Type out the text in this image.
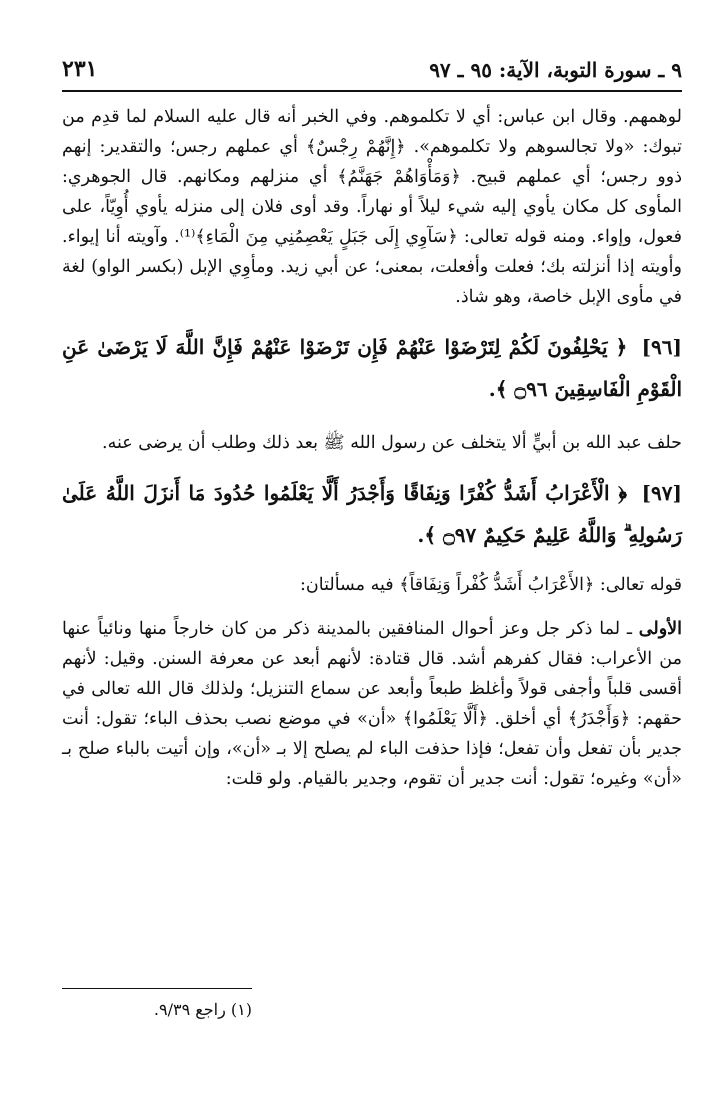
٩ ـ سورة التوبة، الآية: ٩٥ ـ ٩٧
٢٣١

لوهمهم. وقال ابن عباس: أي لا تكلموهم. وفي الخبر أنه قال عليه السلام لما قدِم من تبوك: «ولا تجالسوهم ولا تكلموهم». ﴿إِنَّهُمْ رِجْسٌ﴾ أي عملهم رجس؛ والتقدير: إنهم ذوو رجس؛ أي عملهم قبيح. ﴿وَمَأْوَاهُمْ جَهَنَّمُ﴾ أي منزلهم ومكانهم. قال الجوهري: المأوى كل مكان يأوي إليه شيء ليلاً أو نهاراً. وقد أوى فلان إلى منزله يأوي أُوِيّاً، على فعول، وإواء. ومنه قوله تعالى: ﴿سَآوِي إِلَى جَبَلٍ يَعْصِمُنِي مِنَ الْمَاءِ﴾⁽¹⁾. وآويته أنا إيواء. وأويته إذا أنزلته بك؛ فعلت وأفعلت، بمعنى؛ عن أبي زيد. ومأوِي الإبل (بكسر الواو) لغة في مأوى الإبل خاصة، وهو شاذ.

[٩٦] ﴿ يَحْلِفُونَ لَكُمْ لِتَرْضَوْا عَنْهُمْ فَإِن تَرْضَوْا عَنْهُمْ فَإِنَّ اللَّهَ لَا يَرْضَىٰ عَنِ الْقَوْمِ الْفَاسِقِينَ ۝٩٦ ﴾.

حلف عبد الله بن أبيٍّ ألا يتخلف عن رسول الله ﷺ بعد ذلك وطلب أن يرضى عنه.

[٩٧] ﴿ الْأَعْرَابُ أَشَدُّ كُفْرًا وَنِفَاقًا وَأَجْدَرُ أَلَّا يَعْلَمُوا حُدُودَ مَا أَنزَلَ اللَّهُ عَلَىٰ رَسُولِهِ ۗ وَاللَّهُ عَلِيمٌ حَكِيمٌ ۝٩٧ ﴾.

قوله تعالى: ﴿الأَعْرَابُ أَشَدُّ كُفْراً وَنِفَاقاً﴾ فيه مسألتان:

الأولى ـ لما ذكر جل وعز أحوال المنافقين بالمدينة ذكر من كان خارجاً منها ونائياً عنها من الأعراب: فقال كفرهم أشد. قال قتادة: لأنهم أبعد عن معرفة السنن. وقيل: لأنهم أقسى قلباً وأجفى قولاً وأغلظ طبعاً وأبعد عن سماع التنزيل؛ ولذلك قال الله تعالى في حقهم: ﴿وَأَجْدَرُ﴾ أي أخلق. ﴿أَلَّا يَعْلَمُوا﴾ «أن» في موضع نصب بحذف الباء؛ تقول: أنت جدير بأن تفعل وأن تفعل؛ فإذا حذفت الباء لم يصلح إلا بـ «أن»، وإن أتيت بالباء صلح بـ «أن» وغيره؛ تقول: أنت جدير أن تقوم، وجدير بالقيام. ولو قلت:

(١) راجع ٩/٣٩.
